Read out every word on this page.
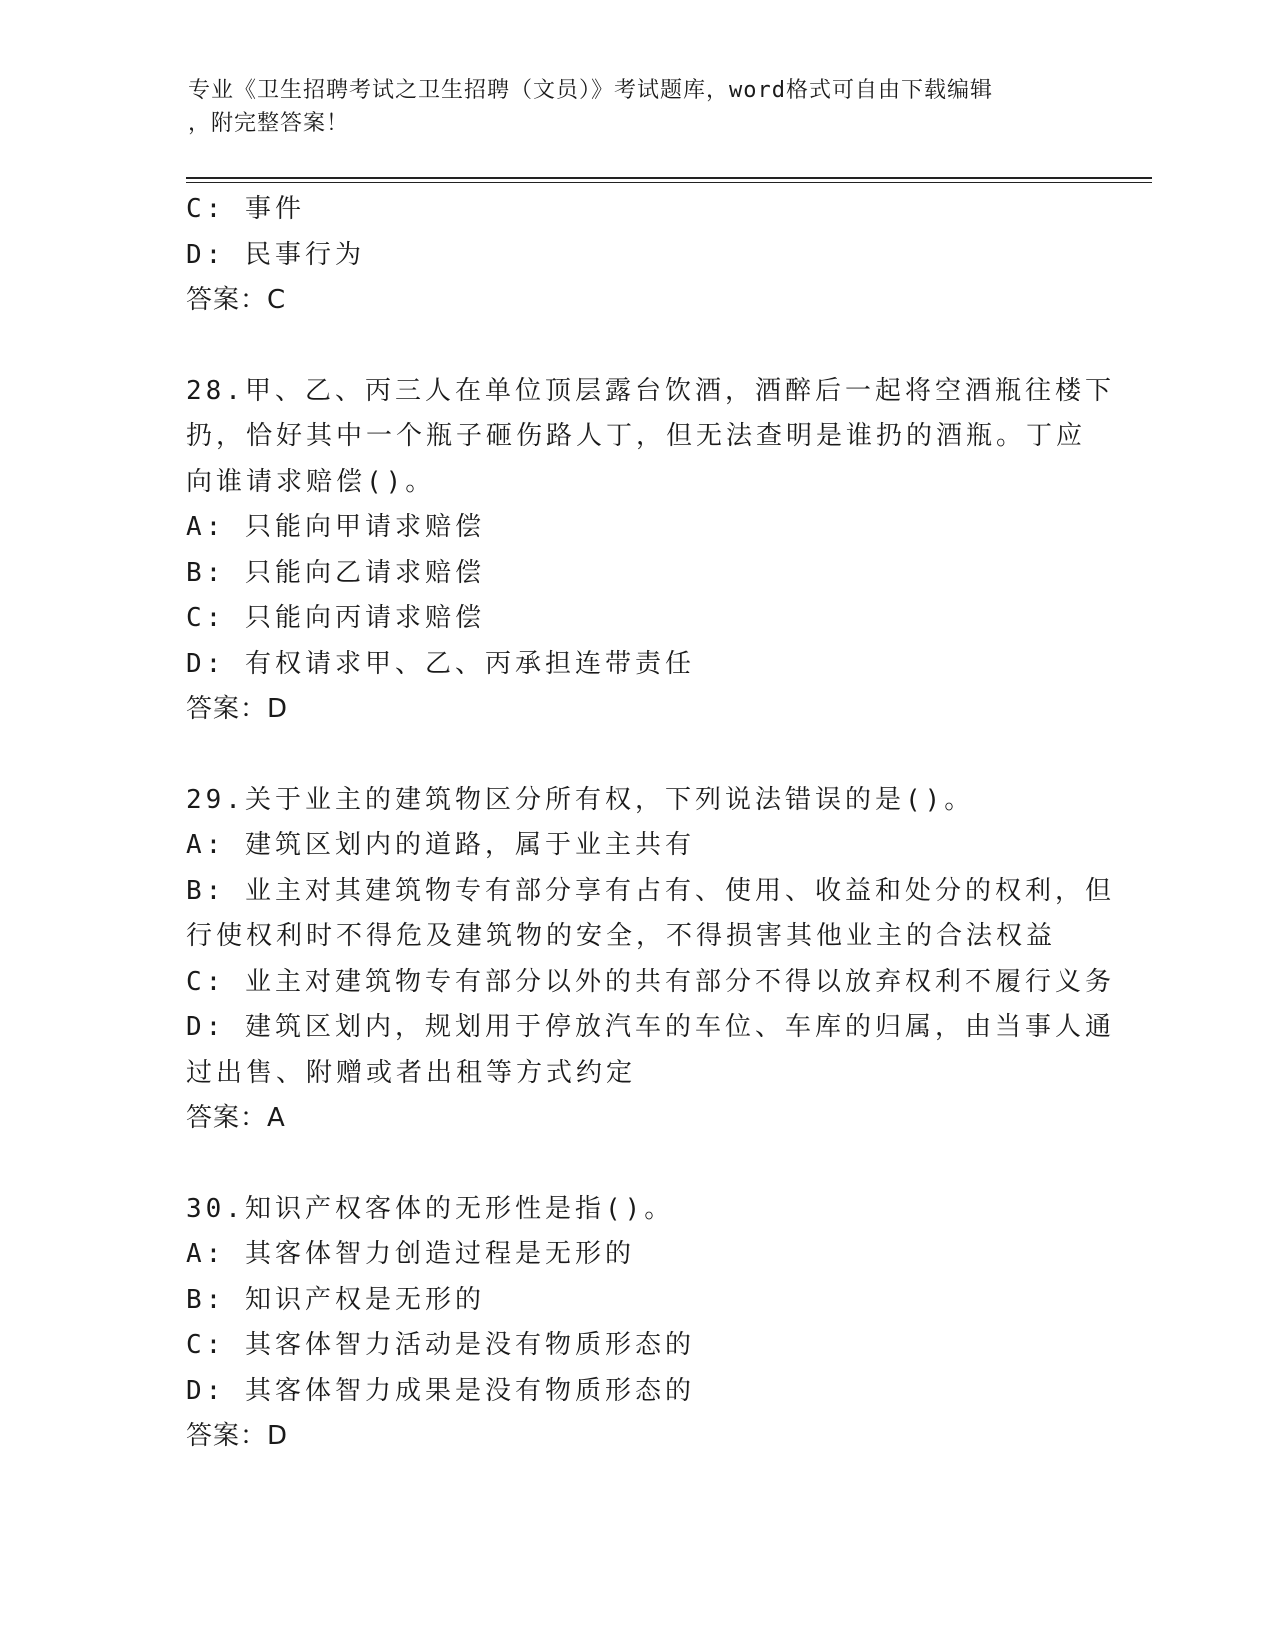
专业《卫生招聘考试之卫生招聘（文员）》考试题库，word格式可自由下载编辑
，附完整答案！

C: 事件

D: 民事行为

答案：C

28.甲、乙、丙三人在单位顶层露台饮酒，酒醉后一起将空酒瓶往楼下

扔，恰好其中一个瓶子砸伤路人丁，但无法查明是谁扔的酒瓶。丁应

向谁请求赔偿()。

A: 只能向甲请求赔偿

B: 只能向乙请求赔偿

C: 只能向丙请求赔偿

D: 有权请求甲、乙、丙承担连带责任

答案：D

29.关于业主的建筑物区分所有权，下列说法错误的是()。

A: 建筑区划内的道路，属于业主共有

B: 业主对其建筑物专有部分享有占有、使用、收益和处分的权利，但

行使权利时不得危及建筑物的安全，不得损害其他业主的合法权益

C: 业主对建筑物专有部分以外的共有部分不得以放弃权利不履行义务

D: 建筑区划内，规划用于停放汽车的车位、车库的归属，由当事人通

过出售、附赠或者出租等方式约定

答案：A

30.知识产权客体的无形性是指()。

A: 其客体智力创造过程是无形的

B: 知识产权是无形的

C: 其客体智力活动是没有物质形态的

D: 其客体智力成果是没有物质形态的

答案：D
